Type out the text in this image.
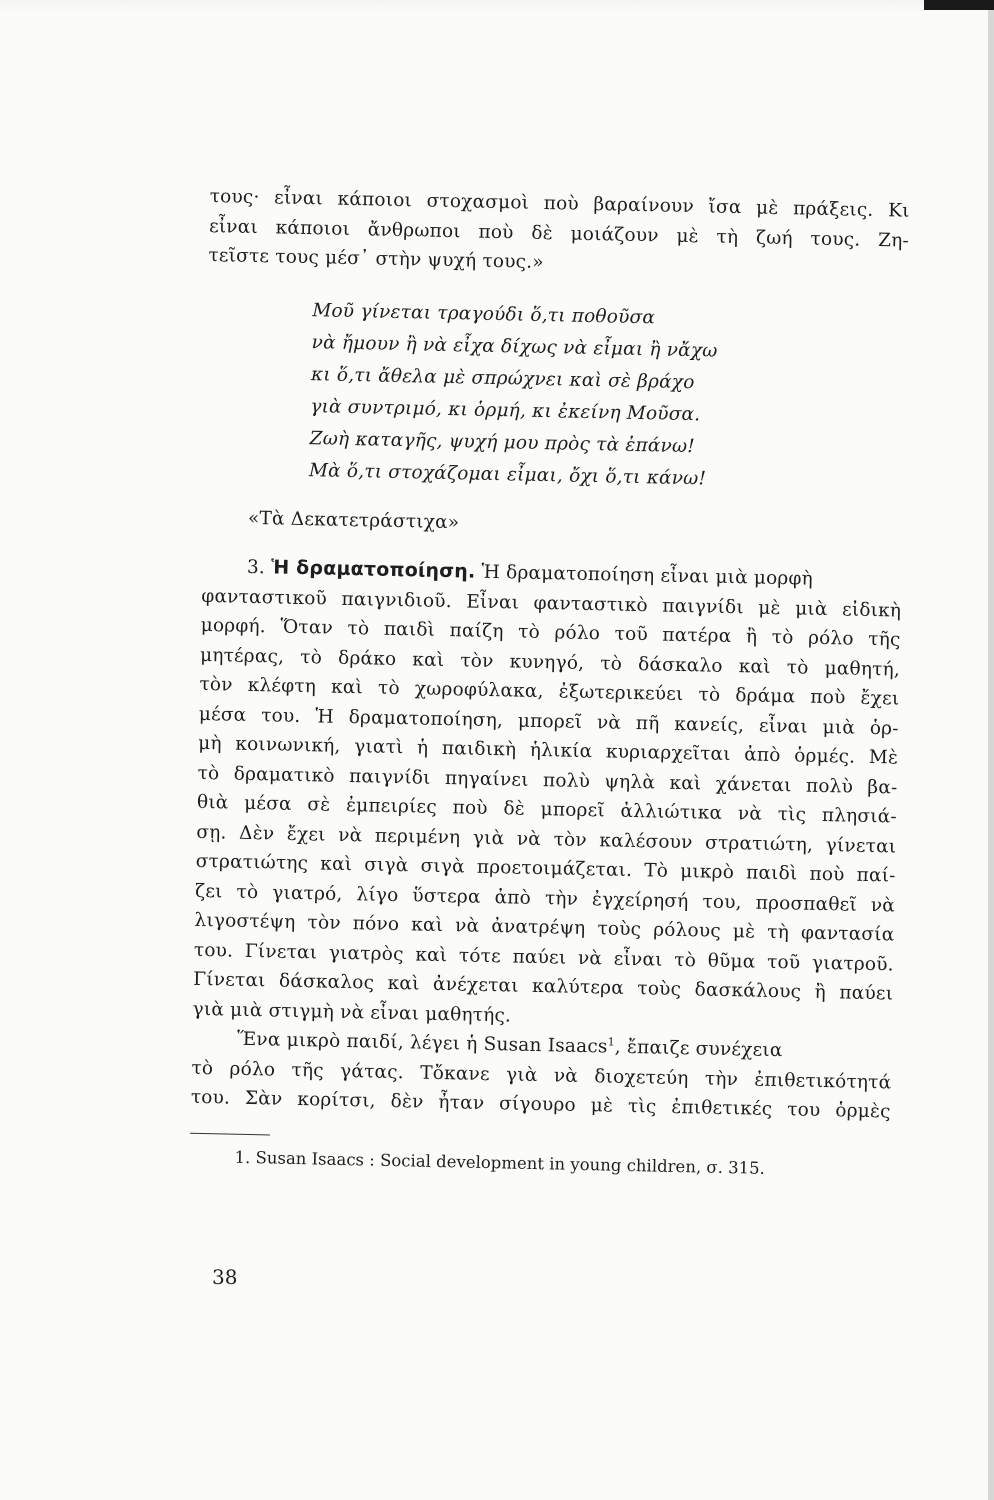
τους· εἶναι κάποιοι στοχασμοὶ ποὺ βαραίνουν ἴσα μὲ πράξεις. Κι
εἶναι κάποιοι ἄνθρωποι ποὺ δὲ μοιάζουν μὲ τὴ ζωή τους. Ζη-
τεῖστε τους μέσ᾿ στὴν ψυχή τους.»
Μοῦ γίνεται τραγούδι ὅ,τι ποθοῦσα
νὰ ἤμουν ἢ νὰ εἶχα δίχως νὰ εἶμαι ἢ νἄχω
κι ὅ,τι ἄθελα μὲ σπρώχνει καὶ σὲ βράχο
γιὰ συντριμό, κι ὁρμή, κι ἐκείνη Μοῦσα.
Ζωὴ καταγῆς, ψυχή μου πρὸς τὰ ἐπάνω!
Μὰ ὅ,τι στοχάζομαι εἶμαι, ὄχι ὅ,τι κάνω!
«Τὰ Δεκατετράστιχα»
3. Ἡ δραματοποίηση. Ἡ δραματοποίηση εἶναι μιὰ μορφὴ
φανταστικοῦ παιγνιδιοῦ. Εἶναι φανταστικὸ παιγνίδι μὲ μιὰ εἰδικὴ
μορφή. Ὅταν τὸ παιδὶ παίζη τὸ ρόλο τοῦ πατέρα ἢ τὸ ρόλο τῆς
μητέρας, τὸ δράκο καὶ τὸν κυνηγό, τὸ δάσκαλο καὶ τὸ μαθητή,
τὸν κλέφτη καὶ τὸ χωροφύλακα, ἐξωτερικεύει τὸ δράμα ποὺ ἔχει
μέσα του. Ἡ δραματοποίηση, μπορεῖ νὰ πῆ κανείς, εἶναι μιὰ ὁρ-
μὴ κοινωνική, γιατὶ ἡ παιδικὴ ἡλικία κυριαρχεῖται ἀπὸ ὁρμές. Μὲ
τὸ δραματικὸ παιγνίδι πηγαίνει πολὺ ψηλὰ καὶ χάνεται πολὺ βα-
θιὰ μέσα σὲ ἐμπειρίες ποὺ δὲ μπορεῖ ἀλλιώτικα νὰ τὶς πλησιά-
σῃ. Δὲν ἔχει νὰ περιμένη γιὰ νὰ τὸν καλέσουν στρατιώτη, γίνεται
στρατιώτης καὶ σιγὰ σιγὰ προετοιμάζεται. Τὸ μικρὸ παιδὶ ποὺ παί-
ζει τὸ γιατρό, λίγο ὕστερα ἀπὸ τὴν ἐγχείρησή του, προσπαθεῖ νὰ
λιγοστέψη τὸν πόνο καὶ νὰ ἀνατρέψη τοὺς ρόλους μὲ τὴ φαντασία
του. Γίνεται γιατρὸς καὶ τότε παύει νὰ εἶναι τὸ θῦμα τοῦ γιατροῦ.
Γίνεται δάσκαλος καὶ ἀνέχεται καλύτερα τοὺς δασκάλους ἢ παύει
γιὰ μιὰ στιγμὴ νὰ εἶναι μαθητής.
Ἕνα μικρὸ παιδί, λέγει ἡ Susan Isaacs$^1$, ἔπαιζε συνέχεια
τὸ ρόλο τῆς γάτας. Τὄκανε γιὰ νὰ διοχετεύη τὴν ἐπιθετικότητά
του. Σὰν κορίτσι, δὲν ἦταν σίγουρο μὲ τὶς ἐπιθετικές του ὁρμὲς
1. Susan Isaacs : Social development in young children, σ. 315.
38
